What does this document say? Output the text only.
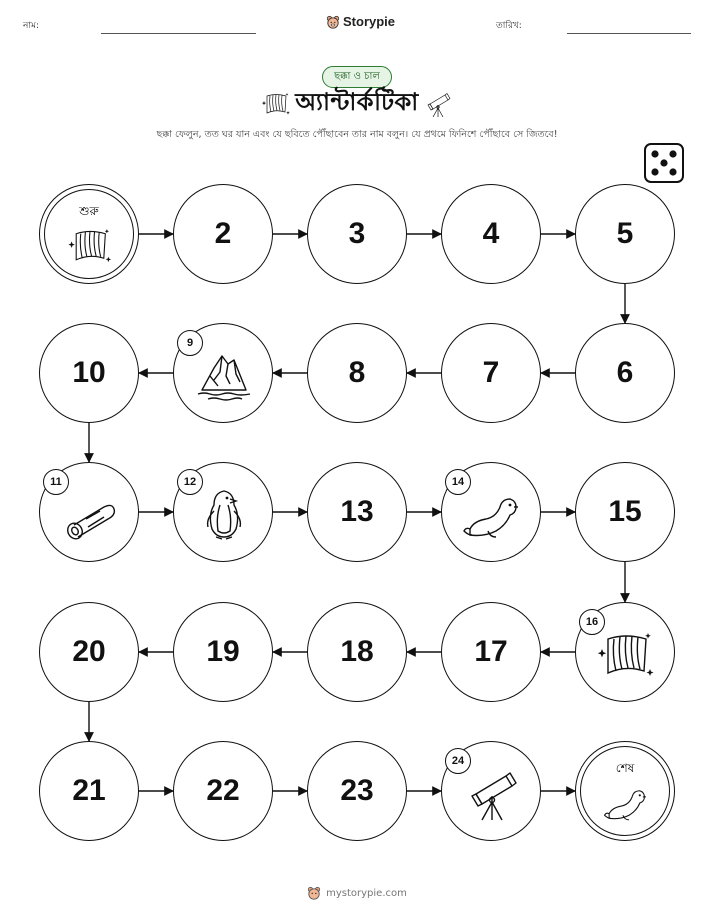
নাম:	Storypie	তারিখ:
ছক্কা ও চাল
অ্যান্টার্কটিকা
ছক্কা ফেলুন, তত ঘর যান এবং যে ছবিতে পৌঁছাবেন তার নাম বলুন। যে প্রথমে ফিনিশে পৌঁছাবে সে জিতবে!
শুরু
2	3	4	5
6
7
8
9
10
11	12
13
14
15
16
17
18
19
20
21	22	23
24	শেষ
mystorypie.com
